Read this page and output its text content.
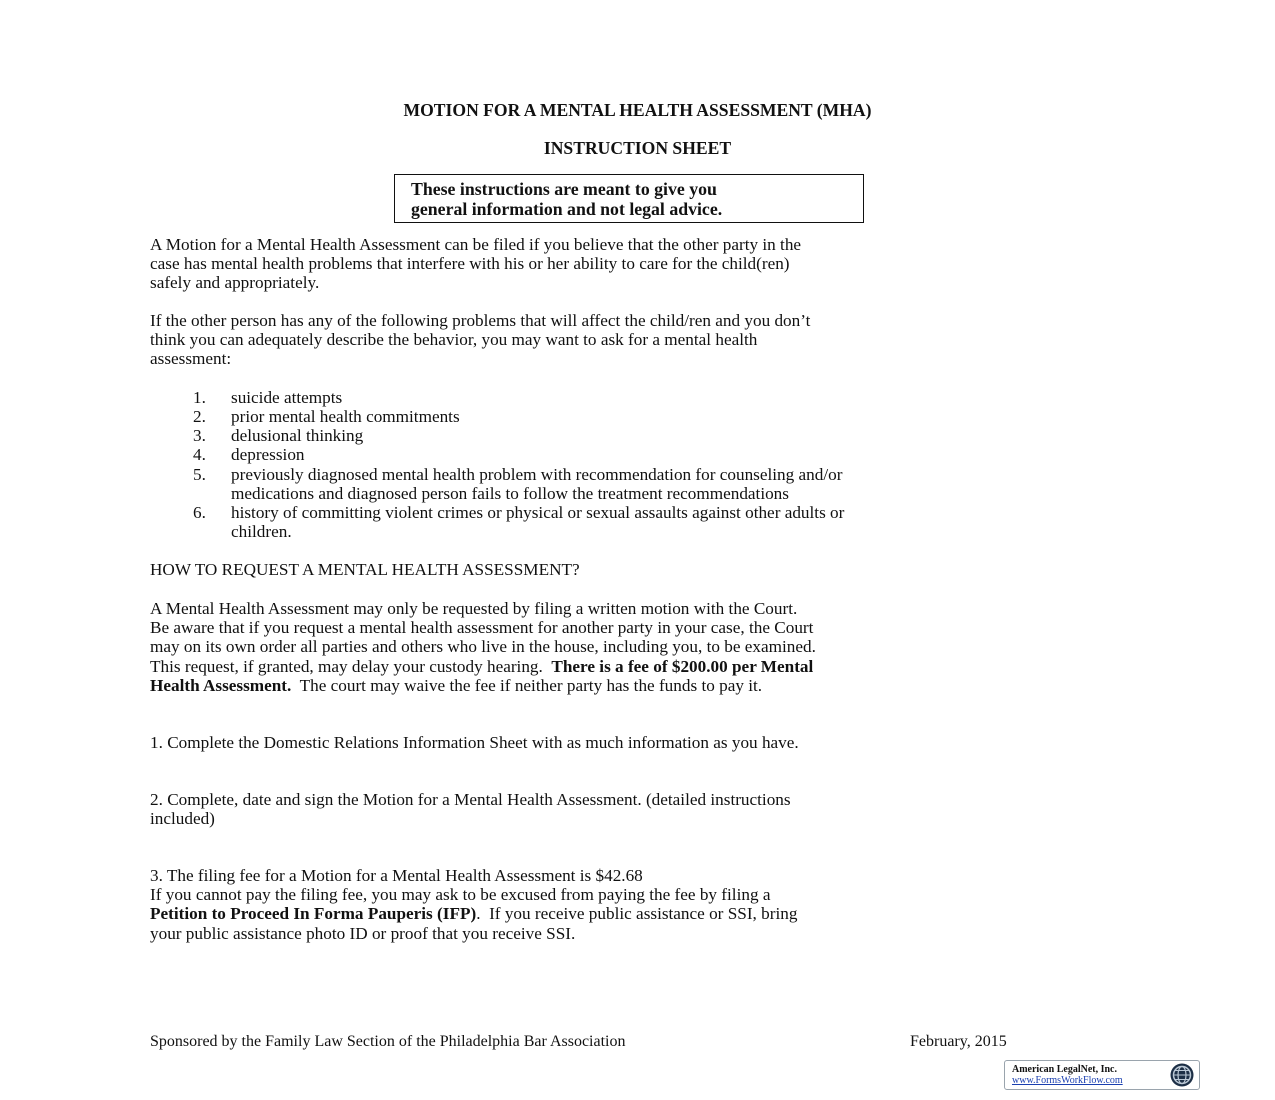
MOTION FOR A MENTAL HEALTH ASSESSMENT (MHA)
INSTRUCTION SHEET
These instructions are meant to give you
general information and not legal advice.
A Motion for a Mental Health Assessment can be filed if you believe that the other party in the
case has mental health problems that interfere with his or her ability to care for the child(ren)
safely and appropriately.
If the other person has any of the following problems that will affect the child/ren and you don’t
think you can adequately describe the behavior, you may want to ask for a mental health
assessment:
1. suicide attempts
2. prior mental health commitments
3. delusional thinking
4. depression
5. previously diagnosed mental health problem with recommendation for counseling and/or
medications and diagnosed person fails to follow the treatment recommendations
6. history of committing violent crimes or physical or sexual assaults against other adults or
children.
HOW TO REQUEST A MENTAL HEALTH ASSESSMENT?
A Mental Health Assessment may only be requested by filing a written motion with the Court.
Be aware that if you request a mental health assessment for another party in your case, the Court
may on its own order all parties and others who live in the house, including you, to be examined.
This request, if granted, may delay your custody hearing.  There is a fee of $200.00 per Mental
Health Assessment.  The court may waive the fee if neither party has the funds to pay it.
1. Complete the Domestic Relations Information Sheet with as much information as you have.
2. Complete, date and sign the Motion for a Mental Health Assessment. (detailed instructions
included)
3. The filing fee for a Motion for a Mental Health Assessment is $42.68
If you cannot pay the filing fee, you may ask to be excused from paying the fee by filing a
Petition to Proceed In Forma Pauperis (IFP).  If you receive public assistance or SSI, bring
your public assistance photo ID or proof that you receive SSI.
Sponsored by the Family Law Section of the Philadelphia Bar Association	February, 2015
American LegalNet, Inc.
www.FormsWorkFlow.com
